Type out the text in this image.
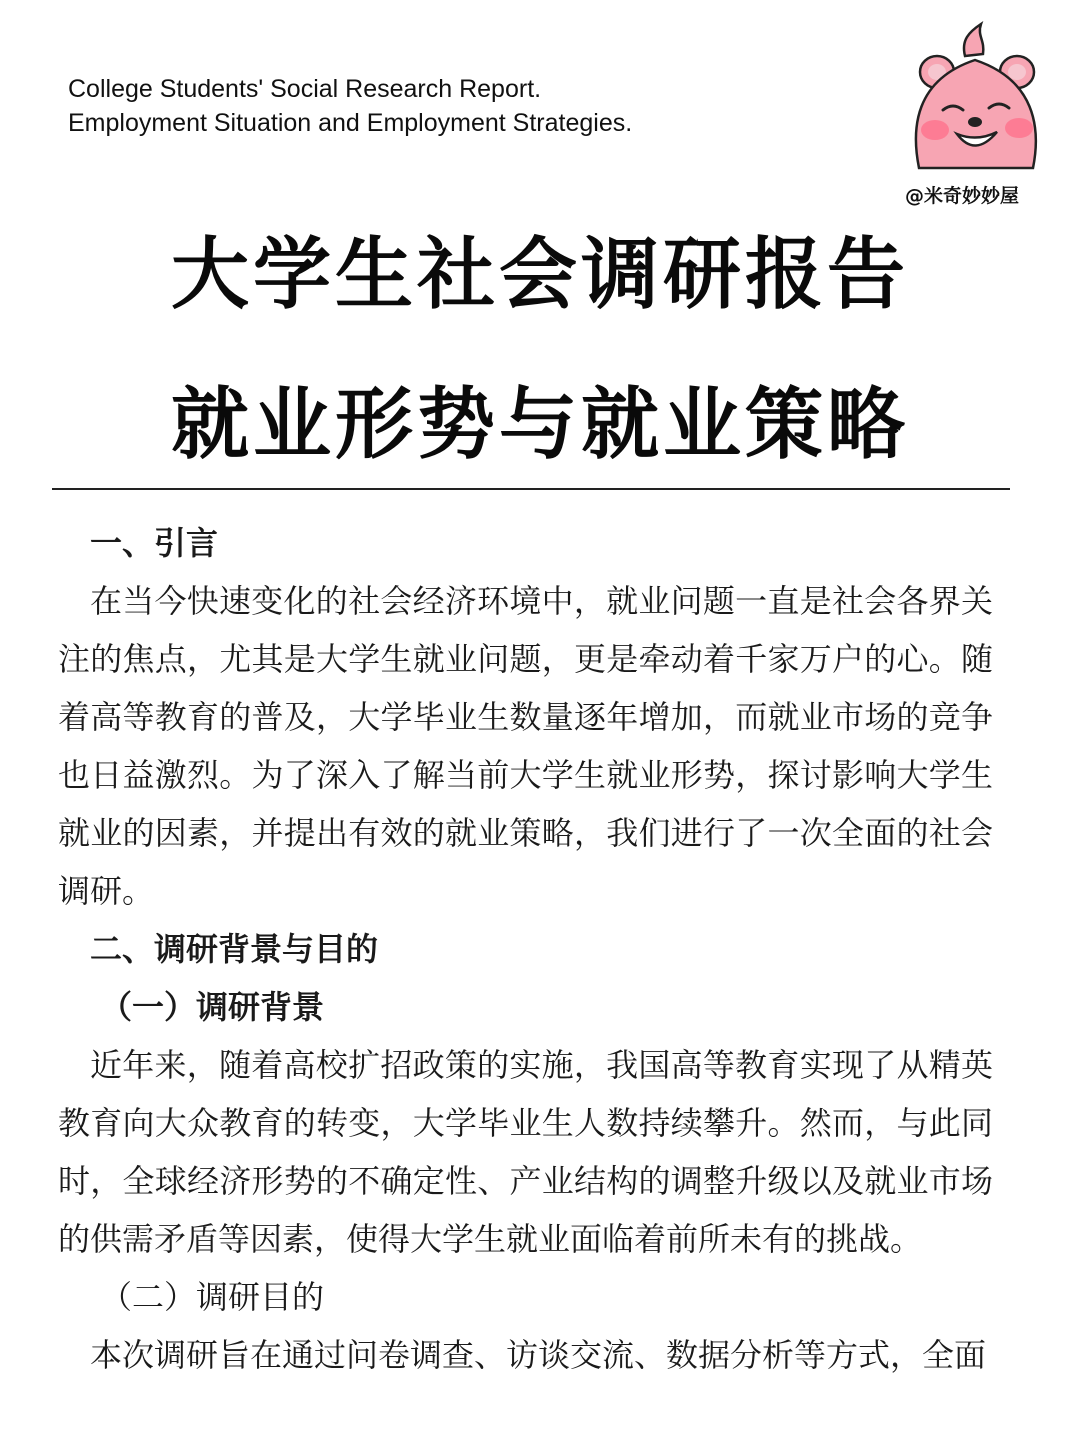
College Students' Social Research Report.
Employment Situation and Employment Strategies.
@米奇妙妙屋
大学生社会调研报告
就业形势与就业策略
一、引言
在当今快速变化的社会经济环境中，就业问题一直是社会各界关注的焦点，尤其是大学生就业问题，更是牵动着千家万户的心。随着高等教育的普及，大学毕业生数量逐年增加，而就业市场的竞争也日益激烈。为了深入了解当前大学生就业形势，探讨影响大学生就业的因素，并提出有效的就业策略，我们进行了一次全面的社会调研。
二、调研背景与目的
（一）调研背景
近年来，随着高校扩招政策的实施，我国高等教育实现了从精英教育向大众教育的转变，大学毕业生人数持续攀升。然而，与此同时，全球经济形势的不确定性、产业结构的调整升级以及就业市场的供需矛盾等因素，使得大学生就业面临着前所未有的挑战。
（二）调研目的
本次调研旨在通过问卷调查、访谈交流、数据分析等方式，全面
